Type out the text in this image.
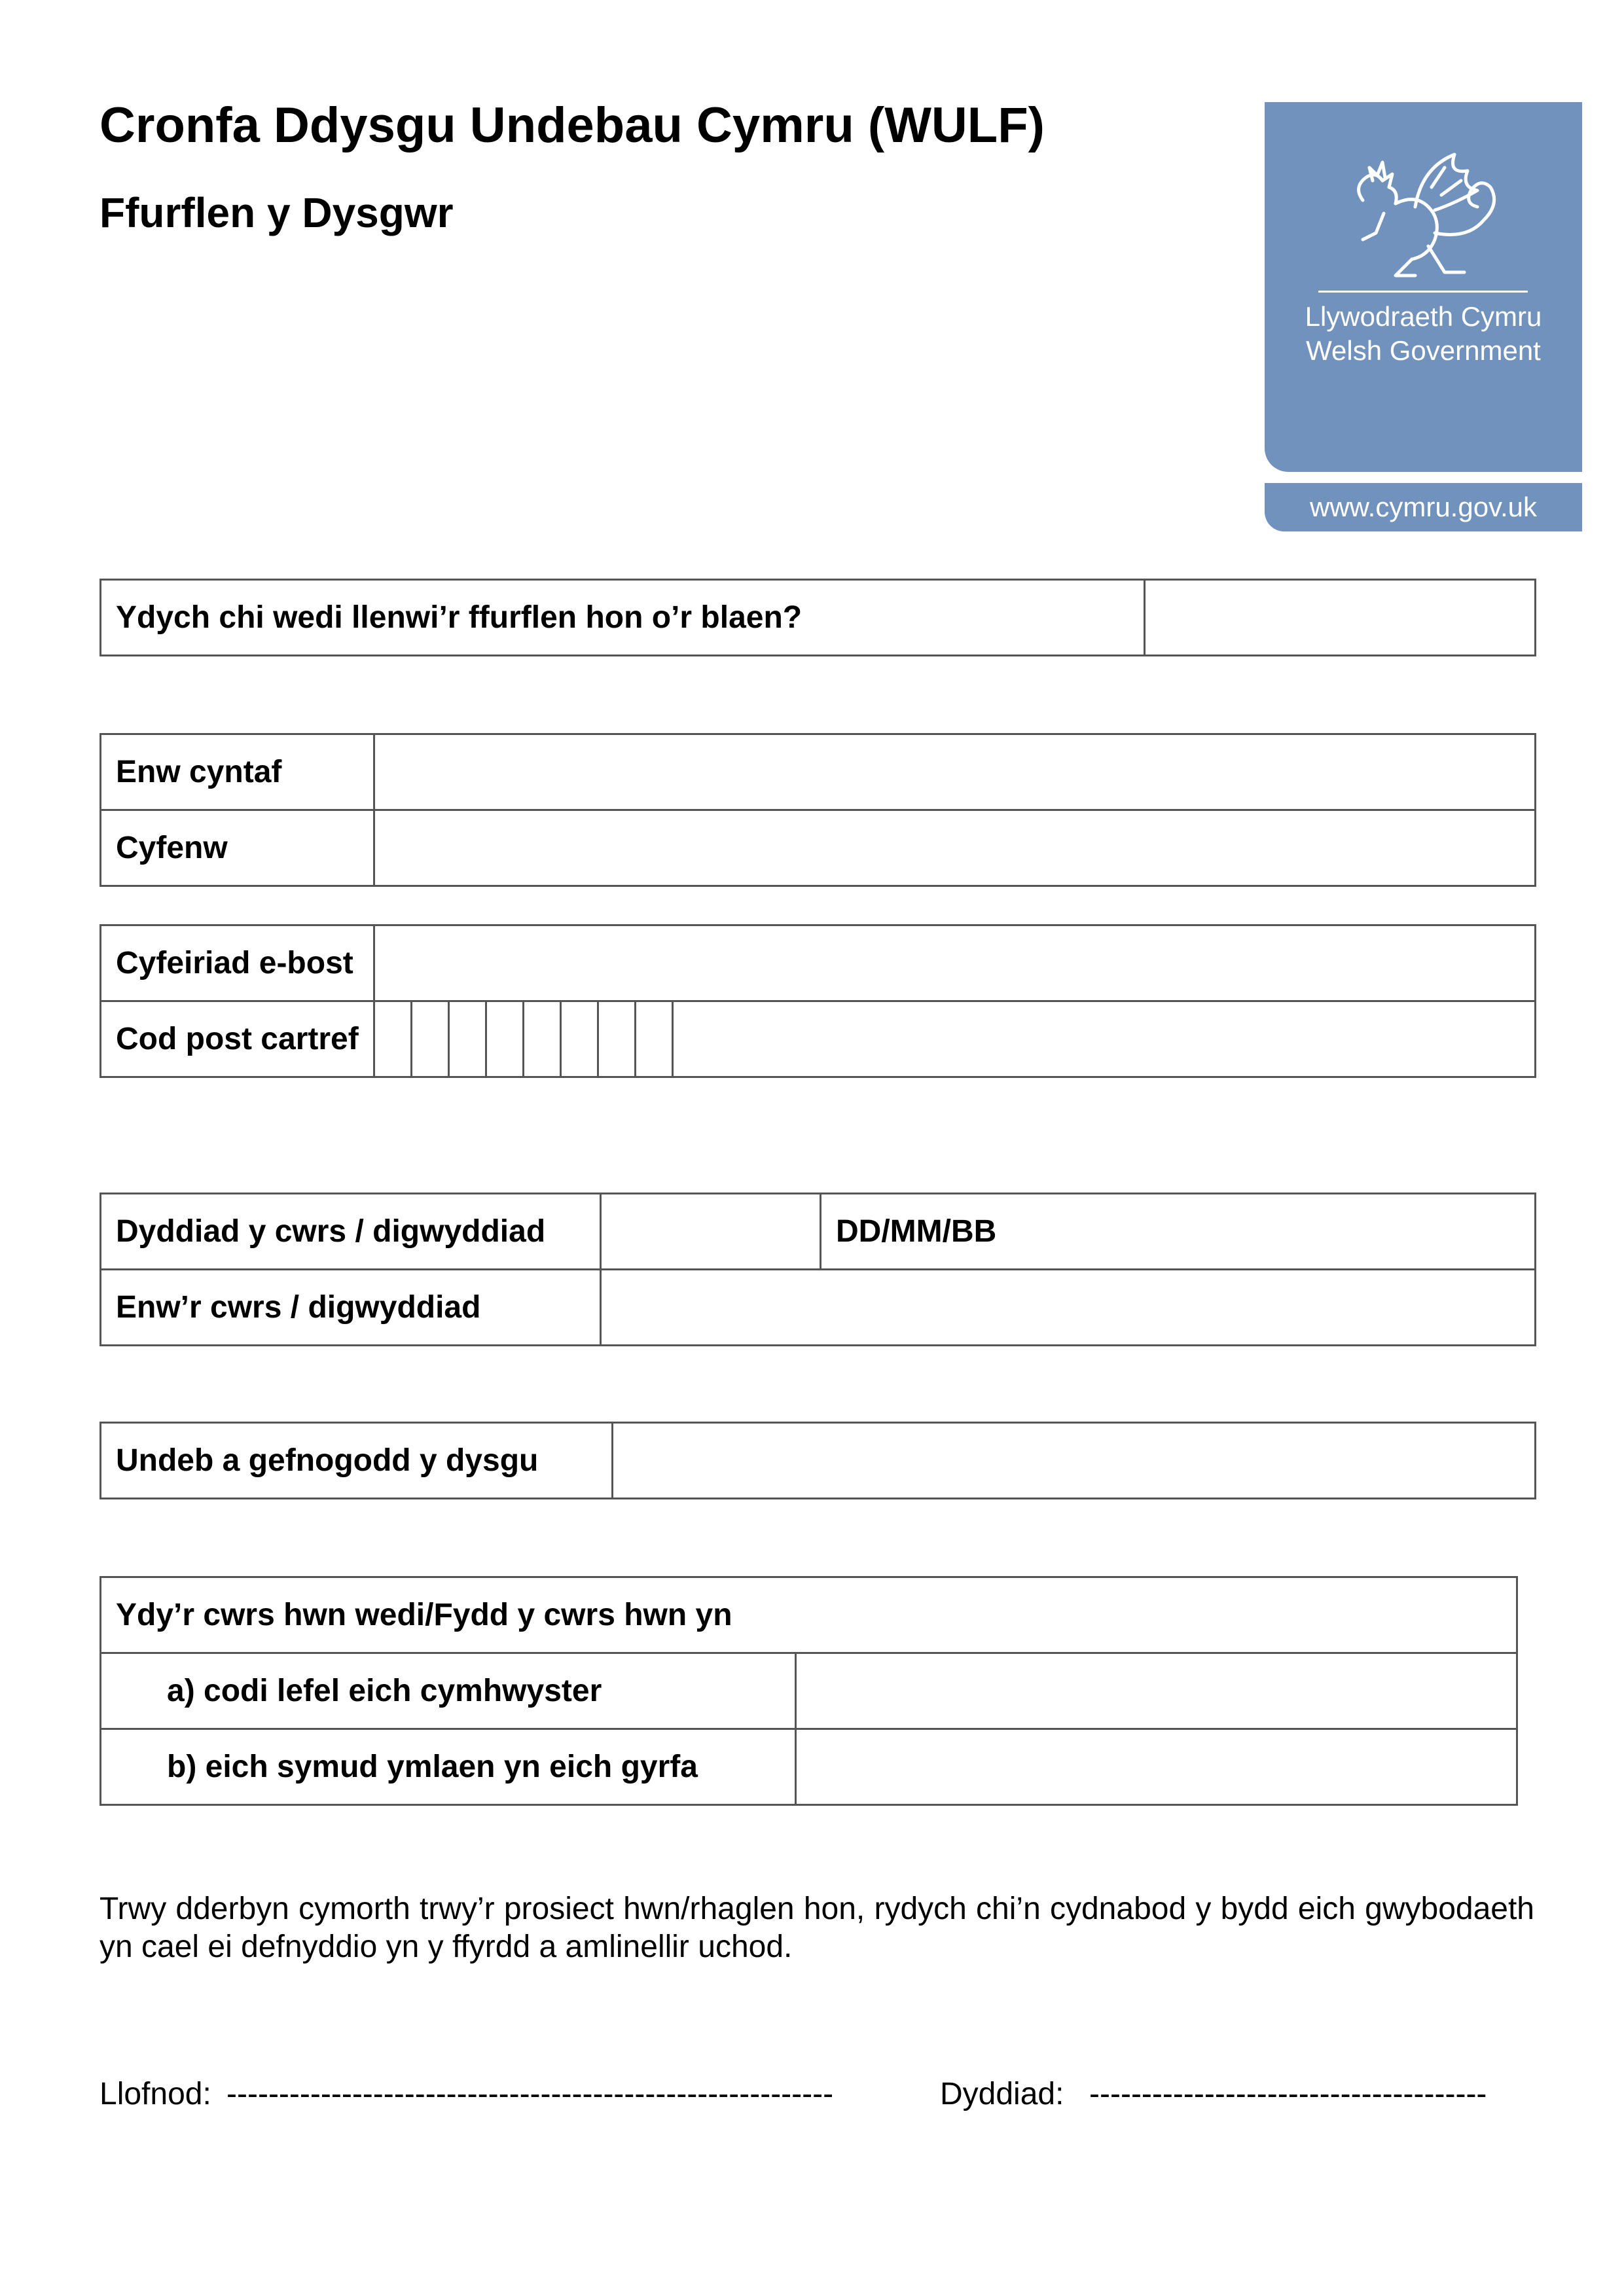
Cronfa Ddysgu Undebau Cymru (WULF)
Ffurflen y Dysgwr
Llywodraeth Cymru
Welsh Government
www.cymru.gov.uk
Ydych chi wedi llenwi’r ffurflen hon o’r blaen?	
Enw cyntaf	
Cyfenw	
Cyfeiriad e-bost									
Cod post cartref									
Dyddiad y cwrs / digwyddiad		DD/MM/BB
Enw’r cwrs / digwyddiad		
Undeb a gefnogodd y dysgu	
Ydy’r cwrs hwn wedi/Fydd y cwrs hwn yn	
a) codi lefel eich cymhwyster	
b) eich symud ymlaen yn eich gyrfa	
Trwy dderbyn cymorth trwy’r prosiect hwn/rhaglen hon, rydych chi’n cydnabod y bydd eich gwybodaeth yn cael ei defnyddio yn y ffyrdd a amlinellir uchod.
Llofnod: ----------------------------------------------------------	Dyddiad: --------------------------------------
